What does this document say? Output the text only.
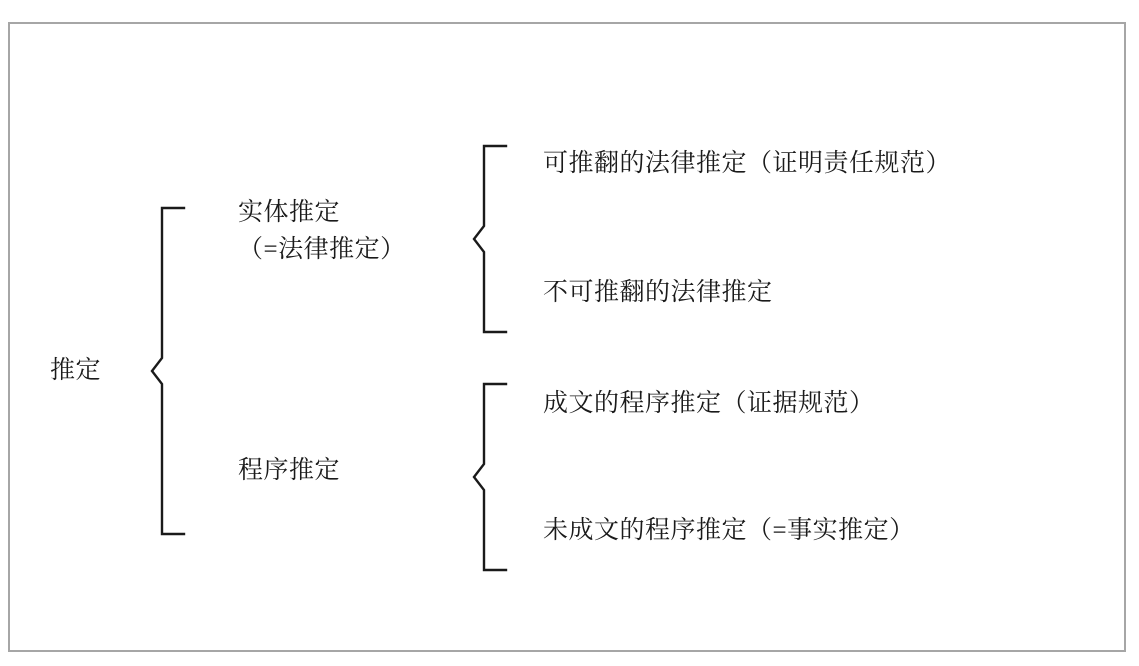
推定
实体推定
（=法律推定）
可推翻的法律推定（证明责任规范）
不可推翻的法律推定
程序推定
成文的程序推定（证据规范）
未成文的程序推定（=事实推定）
